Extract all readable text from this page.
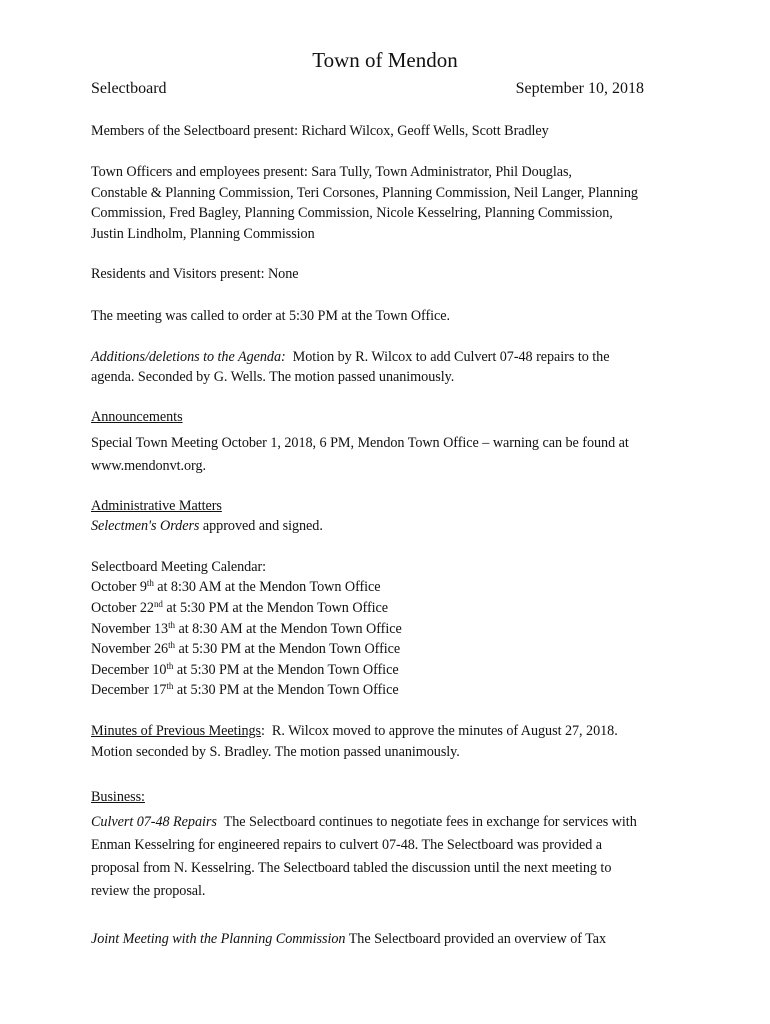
Town of Mendon
Selectboard	September 10, 2018
Members of the Selectboard present: Richard Wilcox, Geoff Wells, Scott Bradley
Town Officers and employees present: Sara Tully, Town Administrator, Phil Douglas,
Constable & Planning Commission, Teri Corsones, Planning Commission, Neil Langer, Planning
Commission, Fred Bagley, Planning Commission, Nicole Kesselring, Planning Commission,
Justin Lindholm, Planning Commission
Residents and Visitors present: None
The meeting was called to order at 5:30 PM at the Town Office.
Additions/deletions to the Agenda:  Motion by R. Wilcox to add Culvert 07-48 repairs to the
agenda. Seconded by G. Wells. The motion passed unanimously.
Announcements
Special Town Meeting October 1, 2018, 6 PM, Mendon Town Office – warning can be found at
www.mendonvt.org.
Administrative Matters
Selectmen's Orders approved and signed.
Selectboard Meeting Calendar:
October 9th at 8:30 AM at the Mendon Town Office
October 22nd at 5:30 PM at the Mendon Town Office
November 13th at 8:30 AM at the Mendon Town Office
November 26th at 5:30 PM at the Mendon Town Office
December 10th at 5:30 PM at the Mendon Town Office
December 17th at 5:30 PM at the Mendon Town Office
Minutes of Previous Meetings:  R. Wilcox moved to approve the minutes of August 27, 2018.
Motion seconded by S. Bradley. The motion passed unanimously.
Business:
Culvert 07-48 Repairs  The Selectboard continues to negotiate fees in exchange for services with
Enman Kesselring for engineered repairs to culvert 07-48. The Selectboard was provided a
proposal from N. Kesselring. The Selectboard tabled the discussion until the next meeting to
review the proposal.
Joint Meeting with the Planning Commission The Selectboard provided an overview of Tax
